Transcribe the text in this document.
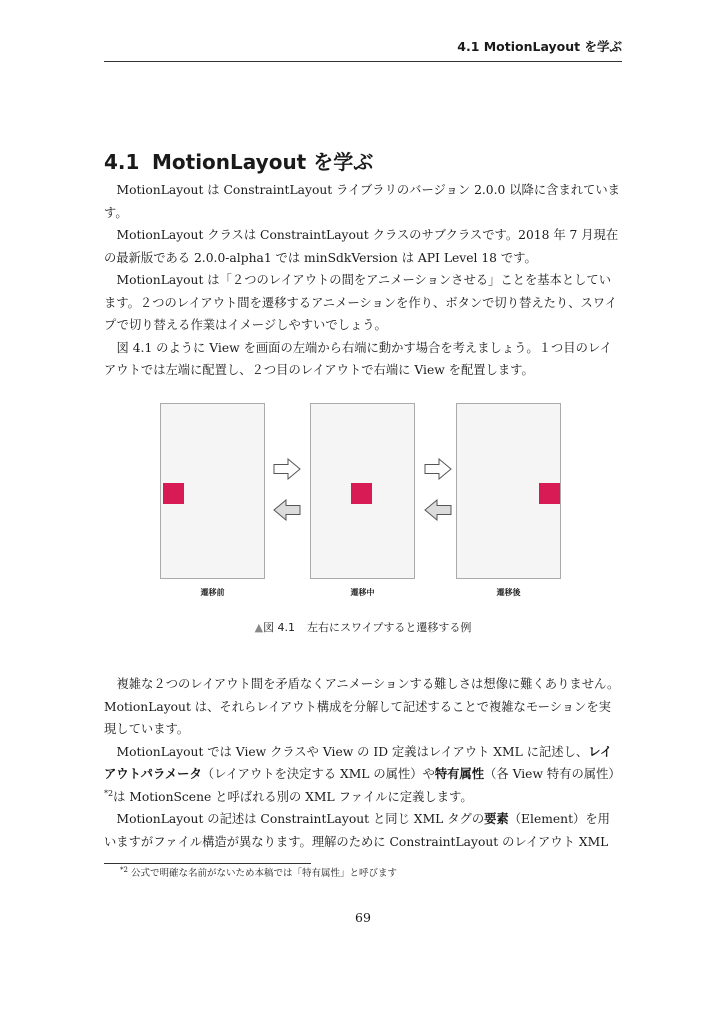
4.1 MotionLayout を学ぶ
4.1 MotionLayout を学ぶ

MotionLayout は ConstraintLayout ライブラリのバージョン 2.0.0 以降に含まれています。

MotionLayout クラスは ConstraintLayout クラスのサブクラスです。2018 年 7 月現在の最新版である 2.0.0-alpha1 では minSdkVersion は API Level 18 です。

MotionLayout は「２つのレイアウトの間をアニメーションさせる」ことを基本としています。２つのレイアウト間を遷移するアニメーションを作り、ボタンで切り替えたり、スワイプで切り替える作業はイメージしやすいでしょう。

図 4.1 のように View を画面の左端から右端に動かす場合を考えましょう。１つ目のレイアウトでは左端に配置し、２つ目のレイアウトで右端に View を配置します。

遷移前	遷移中	遷移後
▲図 4.1 左右にスワイプすると遷移する例

複雑な２つのレイアウト間を矛盾なくアニメーションする難しさは想像に難くありません。MotionLayout は、それらレイアウト構成を分解して記述することで複雑なモーションを実現しています。

MotionLayout では View クラスや View の ID 定義はレイアウト XML に記述し、レイアウトパラメータ（レイアウトを決定する XML の属性）や特有属性（各 View 特有の属性）$^{*2}$は MotionScene と呼ばれる別の XML ファイルに定義します。

MotionLayout の記述は ConstraintLayout と同じ XML タグの要素（Element）を用いますがファイル構造が異なります。理解のために ConstraintLayout のレイアウト XML

$^{*2}$ 公式で明確な名前がないため本稿では「特有属性」と呼びます
69
